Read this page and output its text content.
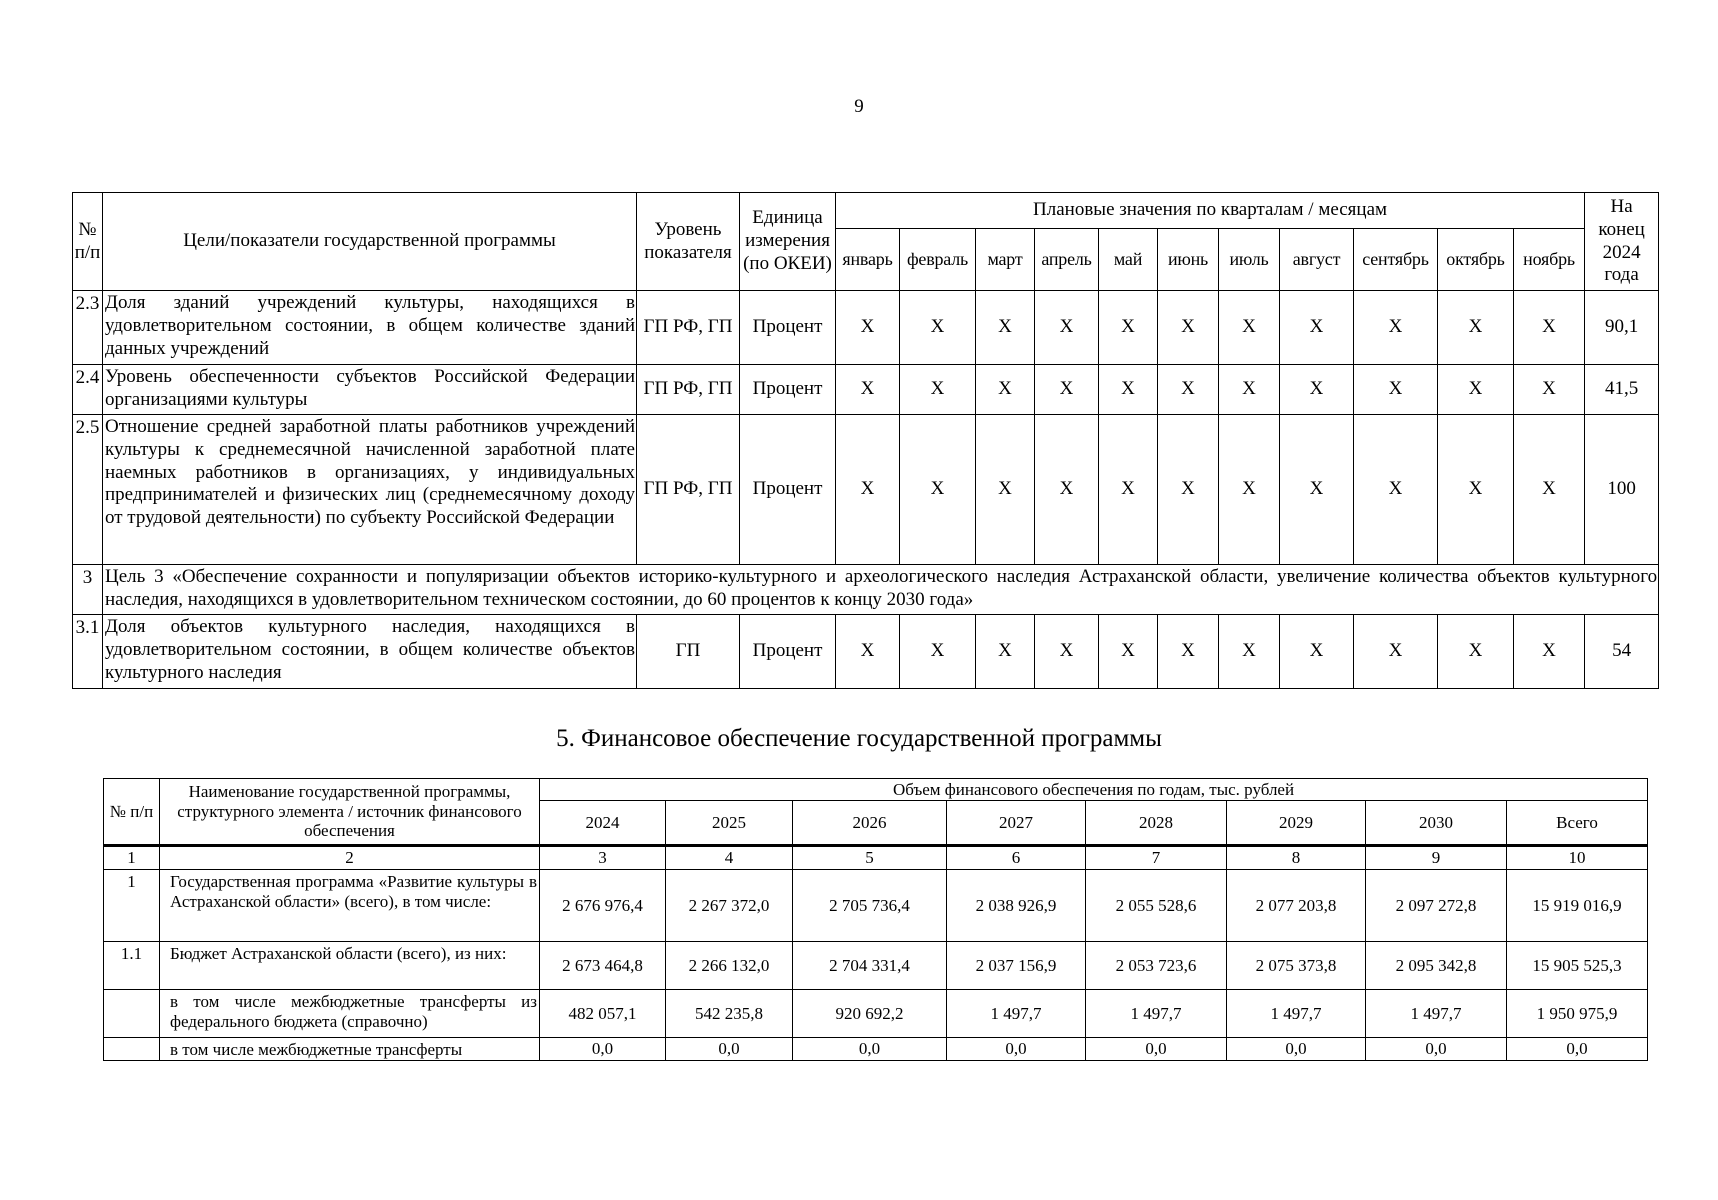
9
№ п/п	Цели/показатели государственной программы	Уровень показателя	Единица измерения (по ОКЕИ)	Плановые значения по кварталам / месяцам											На конец 2024 года
				январь	февраль	март	апрель	май	июнь	июль	август	сентябрь	октябрь	ноябрь	
2.3	Доля зданий учреждений культуры, находящихся в удовлетворительном состоянии, в общем количестве зданий данных учреждений	ГП РФ, ГП	Процент	X	X	X	X	X	X	X	X	X	X	X	90,1
2.4	Уровень обеспеченности субъектов Российской Федерации организациями культуры	ГП РФ, ГП	Процент	X	X	X	X	X	X	X	X	X	X	X	41,5
2.5	Отношение средней заработной платы работников учреждений культуры к среднемесячной начисленной заработной плате наемных работников в организациях, у индивидуальных предпринимателей и физических лиц (среднемесячному доходу от трудовой деятельности) по субъекту Российской Федерации	ГП РФ, ГП	Процент	X	X	X	X	X	X	X	X	X	X	X	100
3	Цель 3 «Обеспечение сохранности и популяризации объектов историко-культурного и археологического наследия Астраханской области, увеличение количества объектов культурного наследия, находящихся в удовлетворительном техническом состоянии, до 60 процентов к концу 2030 года»														
3.1	Доля объектов культурного наследия, находящихся в удовлетворительном состоянии, в общем количестве объектов культурного наследия	ГП	Процент	X	X	X	X	X	X	X	X	X	X	X	54
5. Финансовое обеспечение государственной программы
№ п/п	Наименование государственной программы, структурного элемента / источник финансового обеспечения	Объем финансового обеспечения по годам, тыс. рублей							
		2024	2025	2026	2027	2028	2029	2030	Всего
1	2	3	4	5	6	7	8	9	10
1	Государственная программа «Развитие культуры в Астраханской области» (всего), в том числе:	2 676 976,4	2 267 372,0	2 705 736,4	2 038 926,9	2 055 528,6	2 077 203,8	2 097 272,8	15 919 016,9
1.1	Бюджет Астраханской области (всего), из них:	2 673 464,8	2 266 132,0	2 704 331,4	2 037 156,9	2 053 723,6	2 075 373,8	2 095 342,8	15 905 525,3
	в том числе межбюджетные трансферты из федерального бюджета (справочно)	482 057,1	542 235,8	920 692,2	1 497,7	1 497,7	1 497,7	1 497,7	1 950 975,9
	в том числе межбюджетные трансферты	0,0	0,0	0,0	0,0	0,0	0,0	0,0	0,0
